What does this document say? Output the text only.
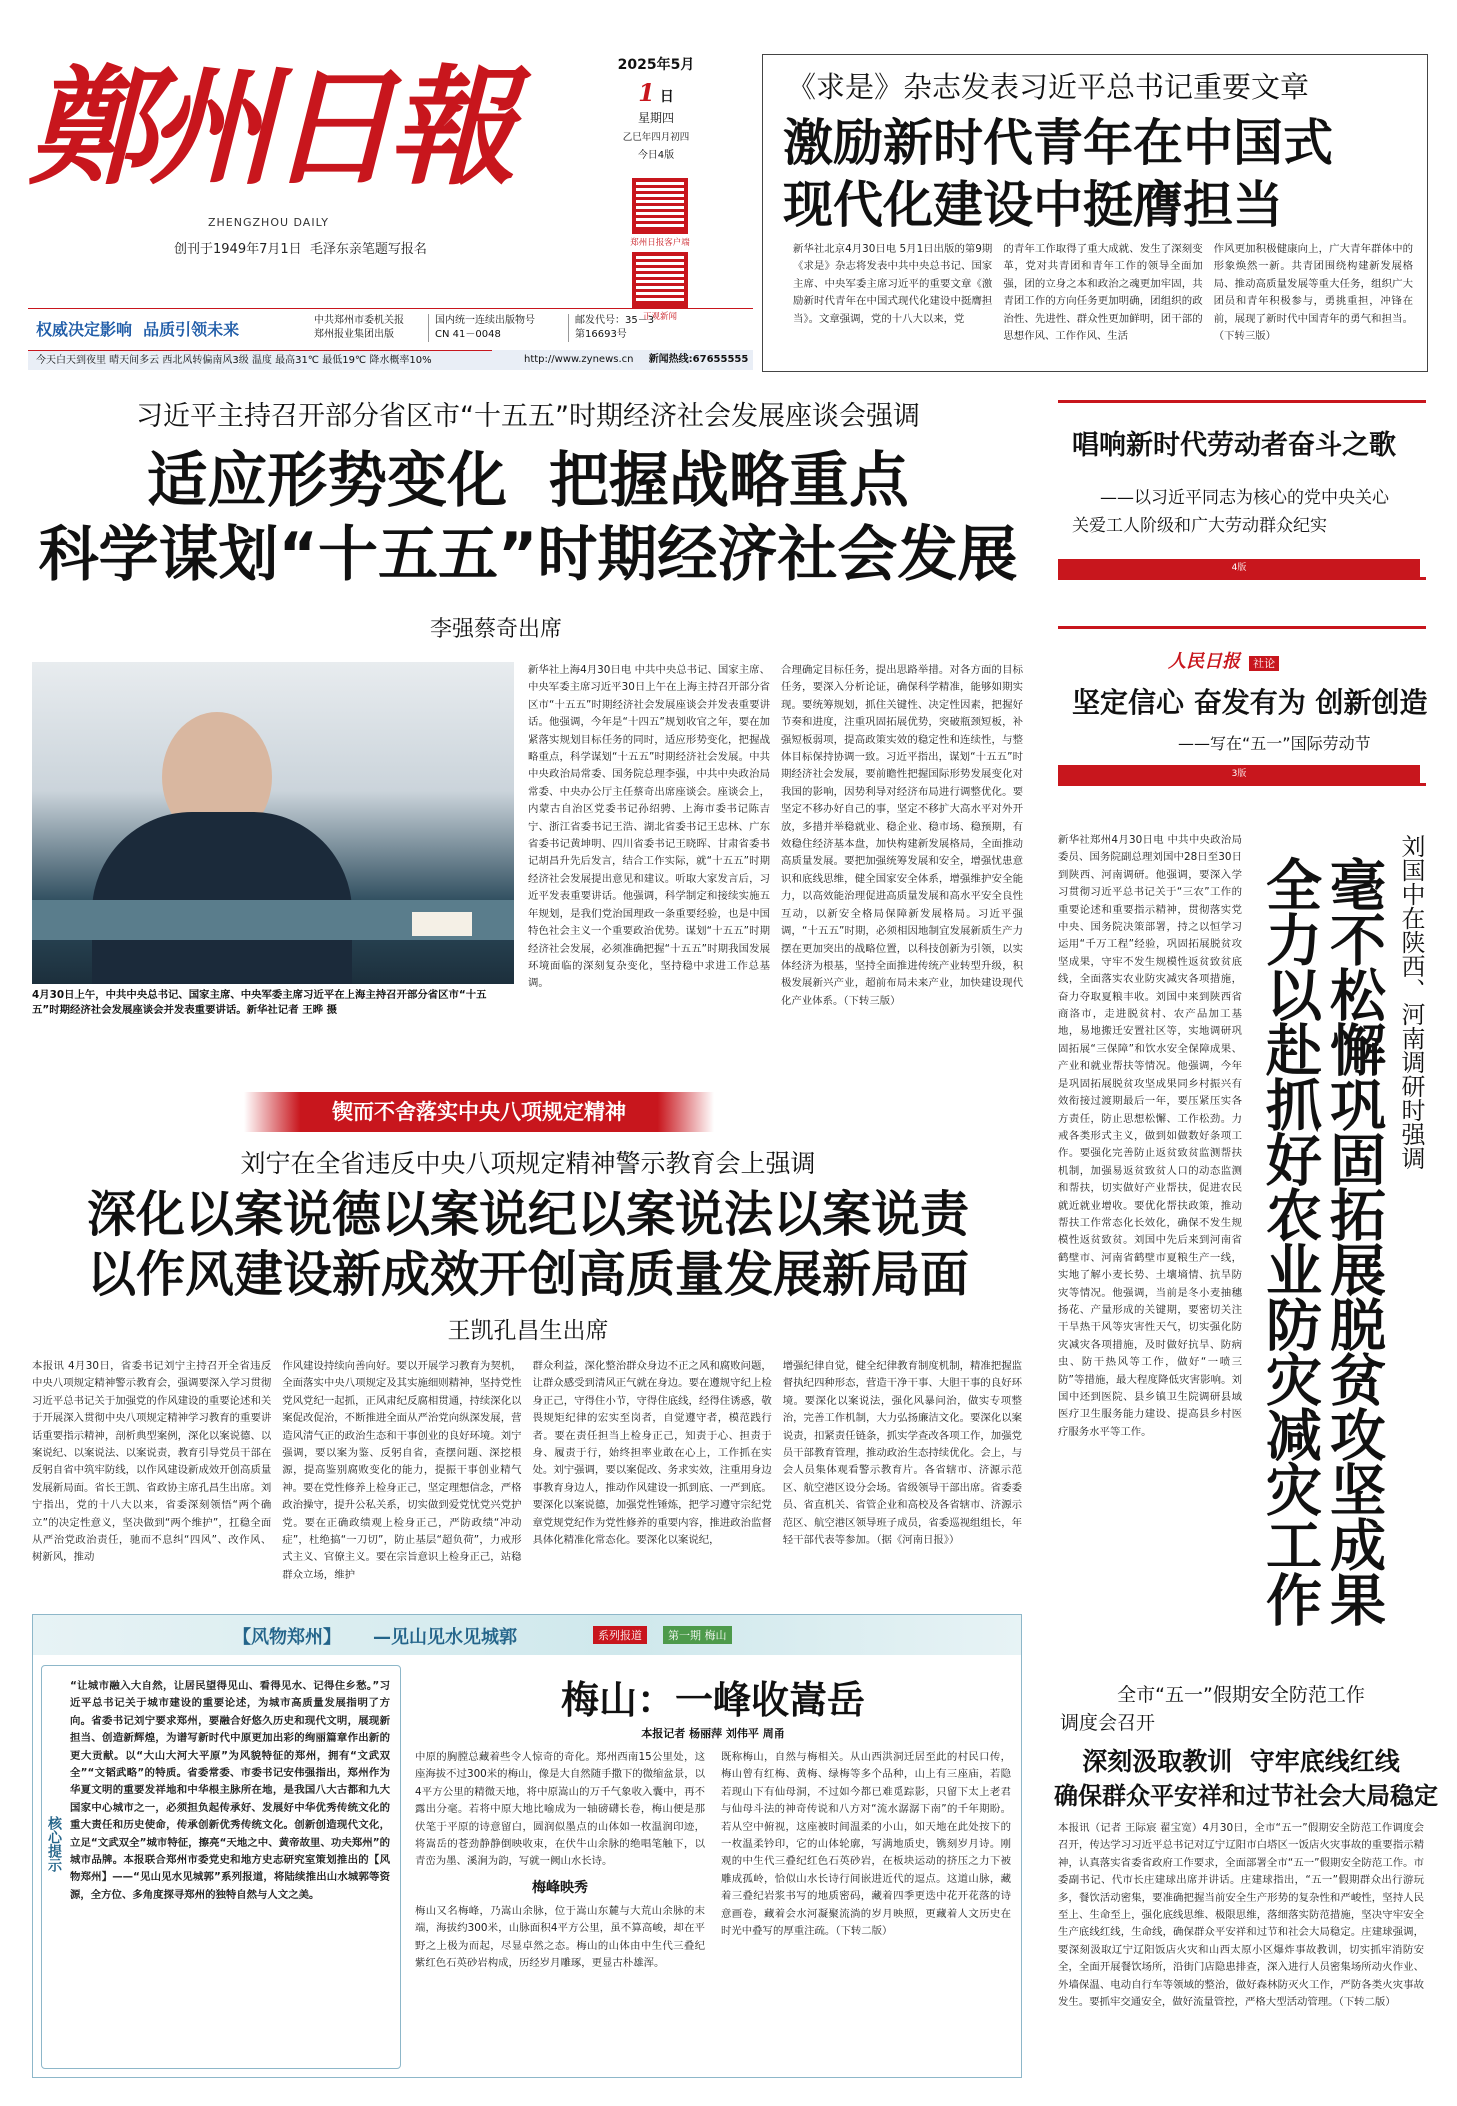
鄭州日報
ZHENGZHOU DAILY
创刊于1949年7月1日  毛泽东亲笔题写报名
2025年5月
1 日
星期四
乙巳年四月初四
今日4版
郑州日报客户端
正观新闻
权威决定影响  品质引领未来	中共郑州市委机关报
郑州报业集团出版
国内统一连续出版物号
CN 41－0048
邮发代号：35－3
第16693号
今天白天到夜里 晴天间多云 西北风转偏南风3级 温度 最高31℃ 最低19℃ 降水概率10%	http://www.zynews.cn 新闻热线:67655555
《求是》杂志发表习近平总书记重要文章
激励新时代青年在中国式
现代化建设中挺膺担当
新华社北京4月30日电 5月1日出版的第9期《求是》杂志将发表中共中央总书记、国家主席、中央军委主席习近平的重要文章《激励新时代青年在中国式现代化建设中挺膺担当》。文章强调，党的十八大以来，党
的青年工作取得了重大成就、发生了深刻变革，党对共青团和青年工作的领导全面加强，团的立身之本和政治之魂更加牢固，共青团工作的方向任务更加明确，团组织的政治性、先进性、群众性更加鲜明，团干部的思想作风、工作作风、生活
作风更加积极健康向上，广大青年群体中的形象焕然一新。共青团围绕构建新发展格局、推动高质量发展等重大任务，组织广大团员和青年积极参与，勇挑重担，冲锋在前，展现了新时代中国青年的勇气和担当。（下转三版）
习近平主持召开部分省区市“十五五”时期经济社会发展座谈会强调
适应形势变化  把握战略重点
科学谋划“十五五”时期经济社会发展
李强蔡奇出席
4月30日上午，中共中央总书记、国家主席、中央军委主席习近平在上海主持召开部分省区市“十五五”时期经济社会发展座谈会并发表重要讲话。新华社记者 王晔 摄
新华社上海4月30日电 中共中央总书记、国家主席、中央军委主席习近平30日上午在上海主持召开部分省区市“十五五”时期经济社会发展座谈会并发表重要讲话。他强调，今年是“十四五”规划收官之年，要在加紧落实规划目标任务的同时，适应形势变化，把握战略重点，科学谋划“十五五”时期经济社会发展。中共中央政治局常委、国务院总理李强，中共中央政治局常委、中央办公厅主任蔡奇出席座谈会。座谈会上，内蒙古自治区党委书记孙绍骋、上海市委书记陈吉宁、浙江省委书记王浩、湖北省委书记王忠林、广东省委书记黄坤明、四川省委书记王晓晖、甘肃省委书记胡昌升先后发言，结合工作实际，就“十五五”时期经济社会发展提出意见和建议。听取大家发言后，习近平发表重要讲话。他强调，科学制定和接续实施五年规划，是我们党治国理政一条重要经验，也是中国特色社会主义一个重要政治优势。谋划“十五五”时期经济社会发展，必须准确把握“十五五”时期我国发展环境面临的深刻复杂变化，坚持稳中求进工作总基调。
合理确定目标任务，提出思路举措。对各方面的目标任务，要深入分析论证，确保科学精准，能够如期实现。要统筹规划，抓住关键性、决定性因素，把握好节奏和进度，注重巩固拓展优势，突破瓶颈短板，补强短板弱项，提高政策实效的稳定性和连续性，与整体目标保持协调一致。习近平指出，谋划“十五五”时期经济社会发展，要前瞻性把握国际形势发展变化对我国的影响，因势利导对经济布局进行调整优化。要坚定不移办好自己的事，坚定不移扩大高水平对外开放，多措并举稳就业、稳企业、稳市场、稳预期，有效稳住经济基本盘，加快构建新发展格局，全面推动高质量发展。要把加强统筹发展和安全，增强忧患意识和底线思维，健全国家安全体系，增强维护安全能力，以高效能治理促进高质量发展和高水平安全良性互动，以新安全格局保障新发展格局。习近平强调，“十五五”时期，必须相因地制宜发展新质生产力摆在更加突出的战略位置，以科技创新为引领，以实体经济为根基，坚持全面推进传统产业转型升级，积极发展新兴产业，超前布局未来产业，加快建设现代化产业体系。（下转三版）
唱响新时代劳动者奋斗之歌
——以习近平同志为核心的党中央关心
关爱工人阶级和广大劳动群众纪实
4版
人民日报 社论
坚定信心 奋发有为 创新创造
——写在“五一”国际劳动节
3版
新华社郑州4月30日电 中共中央政治局委员、国务院副总理刘国中28日至30日到陕西、河南调研。他强调，要深入学习贯彻习近平总书记关于“三农”工作的重要论述和重要指示精神，贯彻落实党中央、国务院决策部署，持之以恒学习运用“千万工程”经验，巩固拓展脱贫攻坚成果，守牢不发生规模性返贫致贫底线，全面落实农业防灾减灾各项措施，奋力夺取夏粮丰收。刘国中来到陕西省商洛市，走进脱贫村、农产品加工基地，易地搬迁安置社区等，实地调研巩固拓展“三保障”和饮水安全保障成果、产业和就业帮扶等情况。他强调，今年是巩固拓展脱贫攻坚成果同乡村振兴有效衔接过渡期最后一年，要压紧压实各方责任，防止思想松懈、工作松劲。力戒各类形式主义，做到如做数好条项工作。要强化完善防止返贫致贫监测帮扶机制，加强易返贫致贫人口的动态监测和帮扶，切实做好产业帮扶，促进农民就近就业增收。要优化帮扶政策，推动帮扶工作常态化长效化，确保不发生规模性返贫致贫。刘国中先后来到河南省鹤壁市、河南省鹤壁市夏粮生产一线，实地了解小麦长势、土壤墒情、抗旱防灾等情况。他强调，当前是冬小麦抽穗扬花、产量形成的关键期，要密切关注干旱热干风等灾害性天气，切实强化防灾减灾各项措施，及时做好抗旱、防病虫、防干热风等工作，做好“一喷三防”等措施，最大程度降低灾害影响。刘国中还到医院、县乡镇卫生院调研县域医疗卫生服务能力建设、提高县乡村医疗服务水平等工作。
刘国中在陕西、河南调研时强调
毫不松懈巩固拓展脱贫攻坚成果
全力以赴抓好农业防灾减灾工作
锲而不舍落实中央八项规定精神
刘宁在全省违反中央八项规定精神警示教育会上强调
深化以案说德以案说纪以案说法以案说责
以作风建设新成效开创高质量发展新局面
王凯孔昌生出席
本报讯 4月30日，省委书记刘宁主持召开全省违反中央八项规定精神警示教育会，强调要深入学习贯彻习近平总书记关于加强党的作风建设的重要论述和关于开展深入贯彻中央八项规定精神学习教育的重要讲话重要指示精神，剖析典型案例，深化以案说德、以案说纪、以案说法、以案说责，教育引导党员干部在反躬自省中筑牢防线，以作风建设新成效开创高质量发展新局面。省长王凯、省政协主席孔昌生出席。刘宁指出，党的十八大以来，省委深刻领悟“两个确立”的决定性意义，坚决做到“两个维护”，扛稳全面从严治党政治责任，驰而不息纠“四风”、改作风、树新风，推动
作风建设持续向善向好。要以开展学习教育为契机，全面落实中央八项规定及其实施细则精神，坚持党性党风党纪一起抓，正风肃纪反腐相贯通，持续深化以案促改促治，不断推进全面从严治党向纵深发展，营造风清气正的政治生态和干事创业的良好环境。刘宁强调，要以案为鉴、反躬自省，查摆问题、深挖根源，提高鉴别腐败变化的能力，提振干事创业精气神。要在党性修养上检身正己，坚定理想信念，严格政治操守，提升公私关系，切实做到爱党忧党兴党护党。要在正确政绩观上检身正己，严防政绩“冲动症”，杜绝搞“一刀切”，防止基层“超负荷”，力戒形式主义、官僚主义。要在宗旨意识上检身正己，站稳群众立场，维护
群众利益，深化整治群众身边不正之风和腐败问题，让群众感受到清风正气就在身边。要在遵规守纪上检身正己，守得住小节，守得住底线，经得住诱惑，敬畏规矩纪律的宏实至岗者，自觉遵守者，模范践行者。要在责任担当上检身正己，知责于心、担责于身、履责于行，始终担率业敢在心上，工作抓在实处。刘宁强调，要以案促改、务求实效，注重用身边事教育身边人，推动作风建设一抓到底、一严到底。要深化以案说德，加强党性锤炼，把学习遵守宗纪党章党规党纪作为党性修养的重要内容，推进政治监督具体化精准化常态化。要深化以案说纪，
增强纪律自觉，健全纪律教育制度机制，精准把握监督执纪四种形态，营造干净干事、大胆干事的良好环境。要深化以案说法，强化风暴问治，做实专项整治，完善工作机制，大力弘扬廉洁文化。要深化以案说责，扣紧责任链条，抓实学查改各项工作，加强党员干部教育管理，推动政治生态持续优化。会上，与会人员集体观看警示教育片。各省辖市、济源示范区、航空港区设分会场。省级领导干部出席。省委委员、省直机关、省管企业和高校及各省辖市、济源示范区、航空港区领导班子成员，省委巡视组组长，年轻干部代表等参加。（据《河南日报》）
【风物郑州】 —见山见水见城郭	系列报道	第一期 梅山
核心提示
“让城市融入大自然，让居民望得见山、看得见水、记得住乡愁。”习近平总书记关于城市建设的重要论述，为城市高质量发展指明了方向。省委书记刘宁要求郑州，要融合好悠久历史和现代文明，展现新担当、创造新辉煌，为谱写新时代中原更加出彩的绚丽篇章作出新的更大贡献。以“大山大河大平原”为风貌特征的郑州，拥有“文武双全”“文韬武略”的特质。省委常委、市委书记安伟强指出，郑州作为华夏文明的重要发祥地和中华根主脉所在地，是我国八大古都和九大国家中心城市之一，必须担负起传承好、发展好中华优秀传统文化的重大责任和历史使命，传承创新优秀传统文化。创新创造现代文化，立足“文武双全”城市特征，擦亮“天地之中、黄帝故里、功夫郑州”的城市品牌。本报联合郑州市委党史和地方史志研究室策划推出的【风物郑州】——“见山见水见城郭”系列报道，将陆续推出山水城郭等资源，全方位、多角度探寻郑州的独特自然与人文之美。
梅山：一峰收嵩岳
本报记者 杨丽萍 刘伟平 周甬
中原的胸膛总藏着些令人惊奇的奇化。郑州西南15公里处，这座海拔不过300米的梅山，像是大自然随手撒下的微缩盆景，以4平方公里的精微天地，将中原嵩山的万千气象收入囊中，再不露出分毫。若将中原大地比喻成为一轴磅礴长卷，梅山便是那伏笔于平原的诗意留白，圆润似墨点的山体如一枚温润印迹，将嵩岳的苍劲静静倒映收束，在伏牛山余脉的绝唱笔触下，以青峦为墨、溪涧为韵，写就一阙山水长诗。
梅峰映秀
梅山又名梅峰，乃嵩山余脉，位于嵩山东麓与大荒山余脉的末端，海拔约300米，山脉面积4平方公里，虽不算高峻，却在平野之上极为而起，尽显卓然之态。梅山的山体由中生代三叠纪紫红色石英砂岩构成，历经岁月雕琢，更显古朴雄浑。
既称梅山，自然与梅相关。从山西洪洞迁居至此的村民口传，梅山曾有红梅、黄梅、绿梅等多个品种，山上有三座庙，若隐若现山下有仙母洞，不过如今都已难觅踪影，只留下太上老君与仙母斗法的神奇传说和八方对“流水潺潺下南”的千年期盼。若从空中俯视，这座被时间温柔的小山，如天地在此处按下的一枚温柔钤印，它的山体轮廓，写满地质史，镌刻岁月诗。刚观的中生代三叠纪红色石英砂岩，在板块运动的挤压之力下被雕成孤岭，恰似山水长诗行间嵌进近代的逗点。这道山脉，藏着三叠纪岩浆书写的地质密码，藏着四季更迭中花开花落的诗意画卷，藏着会水河凝聚流淌的岁月映照，更藏着人文历史在时光中叠写的厚重注疏。（下转二版）
全市“五一”假期安全防范工作
调度会召开
深刻汲取教训  守牢底线红线
确保群众平安祥和过节社会大局稳定
本报讯（记者 王际宸 翟宝宽）4月30日，全市“五一”假期安全防范工作调度会召开，传达学习习近平总书记对辽宁辽阳市白塔区一饭店火灾事故的重要指示精神，认真落实省委省政府工作要求，全面部署全市“五一”假期安全防范工作。市委副书记、代市长庄建球出席并讲话。庄建球指出，“五一”假期群众出行游玩多，餐饮活动密集，要准确把握当前安全生产形势的复杂性和严峻性，坚持人民至上、生命至上，强化底线思维、极限思维，落细落实防范措施，坚决守牢安全生产底线红线，生命线，确保群众平安祥和过节和社会大局稳定。庄建球强调，要深刻汲取辽宁辽阳饭店火灾和山西太原小区爆炸事故教训，切实抓牢消防安全，全面开展餐饮场所，沿街门店隐患排查，深入进行人员密集场所动火作业、外墙保温、电动自行车等领域的整治，做好森林防灭火工作，严防各类火灾事故发生。要抓牢交通安全，做好流量管控，严格大型活动管理。（下转二版）
